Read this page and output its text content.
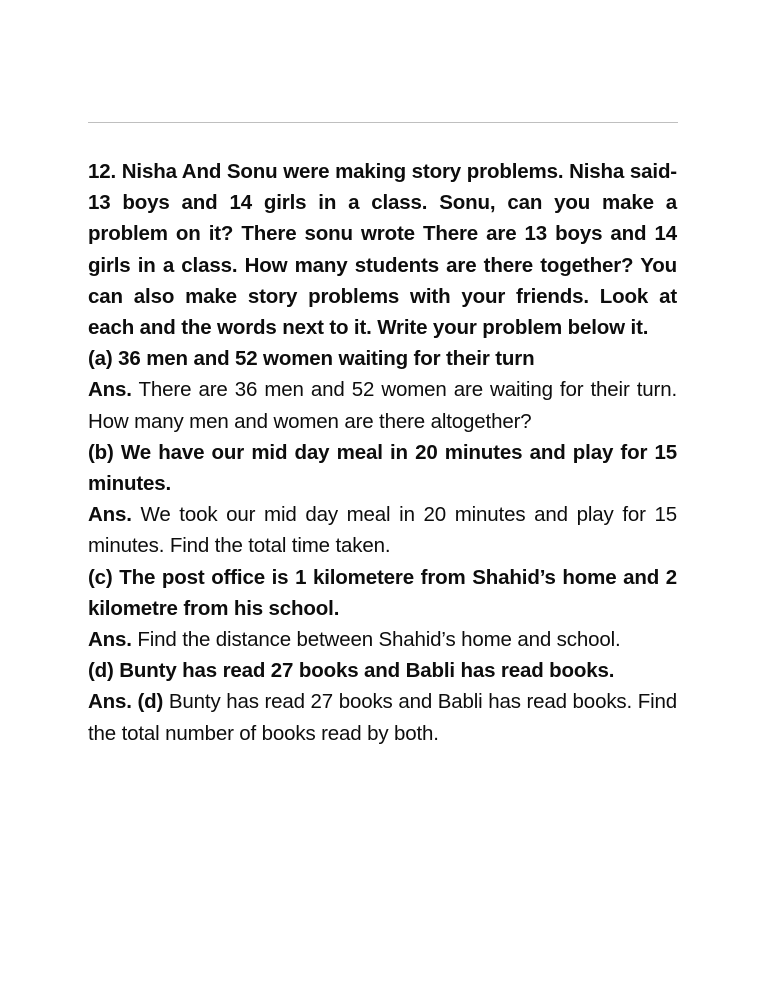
12. Nisha And Sonu were making story problems. Nisha said- 13 boys and 14 girls in a class. Sonu, can you make a problem on it? There sonu wrote There are 13 boys and 14 girls in a class. How many students are there together? You can also make story problems with your friends. Look at each and the words next to it. Write your problem below it.

(a) 36 men and 52 women waiting for their turn

Ans. There are 36 men and 52 women are waiting for their turn. How many men and women are there altogether?

(b) We have our mid day meal in 20 minutes and play for 15 minutes.

Ans. We took our mid day meal in 20 minutes and play for 15 minutes. Find the total time taken.

(c) The post office is 1 kilometere from Shahid’s home and 2 kilometre from his school.

Ans. Find the distance between Shahid’s home and school.

(d) Bunty has read 27 books and Babli has read books.

Ans. (d) Bunty has read 27 books and Babli has read books. Find the total number of books read by both.
